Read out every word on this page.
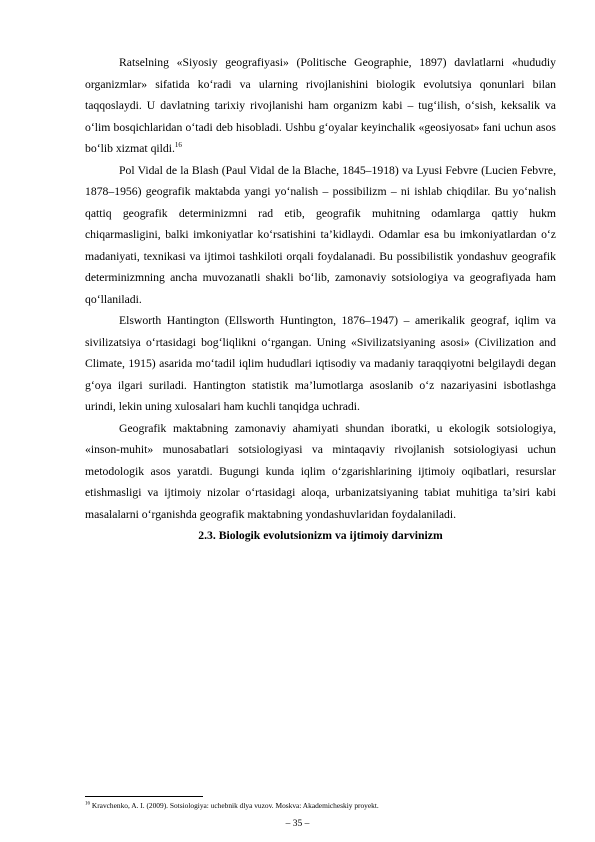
Ratselning «Siyosiy geografiyasi» (Politische Geographie, 1897) davlatlarni «hududiy organizmlar» sifatida ko‘radi va ularning rivojlanishini biologik evolutsiya qonunlari bilan taqqoslaydi. U davlatning tarixiy rivojlanishi ham organizm kabi – tug‘ilish, o‘sish, keksalik va o‘lim bosqichlaridan o‘tadi deb hisobladi. Ushbu g‘oyalar keyinchalik «geosiyosat» fani uchun asos bo‘lib xizmat qildi.$^{16}$

Pol Vidal de la Blash (Paul Vidal de la Blache, 1845–1918) va Lyusi Febvre (Lucien Febvre, 1878–1956) geografik maktabda yangi yo‘nalish – possibilizm – ni ishlab chiqdilar. Bu yo‘nalish qattiq geografik determinizmni rad etib, geografik muhitning odamlarga qattiy hukm chiqarmasligini, balki imkoniyatlar ko‘rsatishini ta’kidlaydi. Odamlar esa bu imkoniyatlardan o‘z madaniyati, texnikasi va ijtimoi tashkiloti orqali foydalanadi. Bu possibilistik yondashuv geografik determinizmning ancha muvozanatli shakli bo‘lib, zamonaviy sotsiologiya va geografiyada ham qo‘llaniladi.

Elsworth Hantington (Ellsworth Huntington, 1876–1947) – amerikalik geograf, iqlim va sivilizatsiya o‘rtasidagi bog‘liqlikni o‘rgangan. Uning «Sivilizatsiyaning asosi» (Civilization and Climate, 1915) asarida mo‘tadil iqlim hududlari iqtisodiy va madaniy taraqqiyotni belgilaydi degan g‘oya ilgari suriladi. Hantington statistik ma’lumotlarga asoslanib o‘z nazariyasini isbotlashga urindi, lekin uning xulosalari ham kuchli tanqidga uchradi.

Geografik maktabning zamonaviy ahamiyati shundan iboratki, u ekologik sotsiologiya, «inson-muhit» munosabatlari sotsiologiyasi va mintaqaviy rivojlanish sotsiologiyasi uchun metodologik asos yaratdi. Bugungi kunda iqlim o‘zgarishlarining ijtimoiy oqibatlari, resurslar etishmasligi va ijtimoiy nizolar o‘rtasidagi aloqa, urbanizatsiyaning tabiat muhitiga ta’siri kabi masalalarni o‘rganishda geografik maktabning yondashuvlaridan foydalaniladi.

2.3. Biologik evolutsionizm va ijtimoiy darvinizm

$^{16}$ Kravchenko, A. I. (2009). Sotsiologiya: uchebnik dlya vuzov. Moskva: Akademicheskiy proyekt.
– 35 –
